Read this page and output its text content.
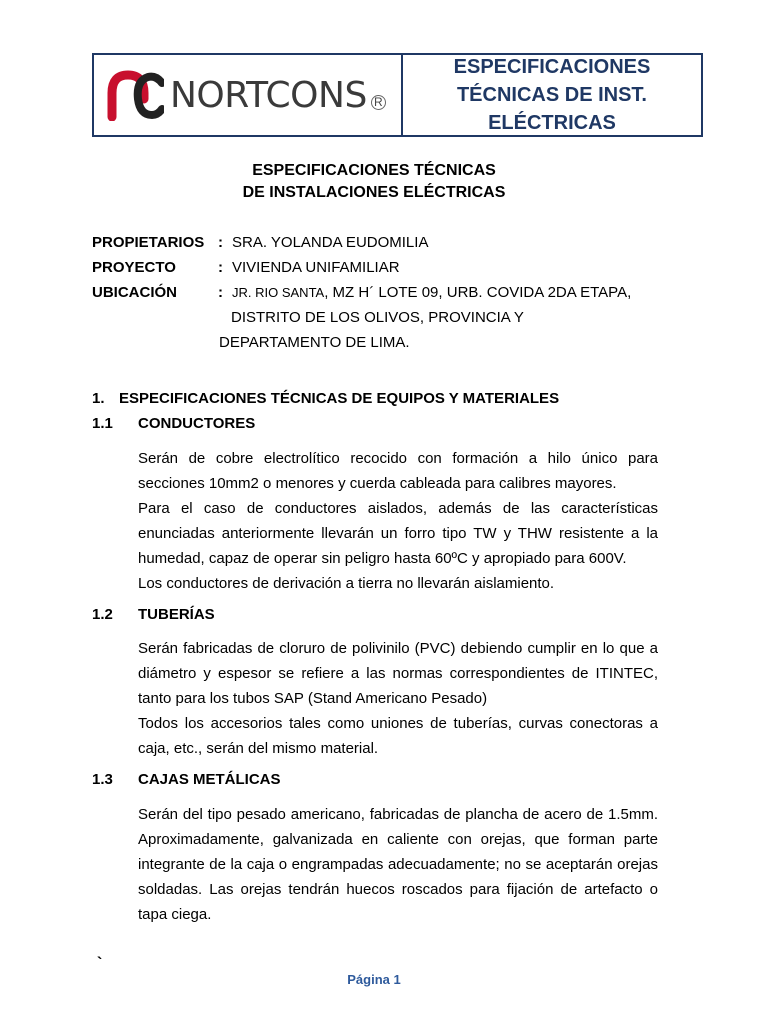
NORTCONS R
ESPECIFICACIONES
TÉCNICAS DE INST.
ELÉCTRICAS
ESPECIFICACIONES TÉCNICAS
DE INSTALACIONES ELÉCTRICAS
PROPIETARIOS : SRA. YOLANDA EUDOMILIA
PROYECTO	: VIVIENDA UNIFAMILIAR
UBICACIÓN	: JR. RIO SANTA, MZ H´ LOTE 09, URB. COVIDA 2DA ETAPA,
DISTRITO DE LOS OLIVOS, PROVINCIA Y
DEPARTAMENTO DE LIMA.
1. ESPECIFICACIONES TÉCNICAS DE EQUIPOS Y MATERIALES
1.1 CONDUCTORES

Serán de cobre electrolítico recocido con formación a hilo único para secciones 10mm2 o menores y cuerda cableada para calibres mayores.

Para el caso de conductores aislados, además de las características enunciadas anteriormente llevarán un forro tipo TW y THW resistente a la humedad, capaz de operar sin peligro hasta 60ºC y apropiado para 600V.

Los conductores de derivación a tierra no llevarán aislamiento.

1.2 TUBERÍAS

Serán fabricadas de cloruro de polivinilo (PVC) debiendo cumplir en lo que a diámetro y espesor se refiere a las normas correspondientes de ITINTEC, tanto para los tubos SAP (Stand Americano Pesado)

Todos los accesorios tales como uniones de tuberías, curvas conectoras a caja, etc., serán del mismo material.

1.3 CAJAS METÁLICAS

Serán del tipo pesado americano, fabricadas de plancha de acero de 1.5mm. Aproximadamente, galvanizada en caliente con orejas, que forman parte integrante de la caja o engrampadas adecuadamente; no se aceptarán orejas soldadas. Las orejas tendrán huecos roscados para fijación de artefacto o tapa ciega.

`
Página 1
